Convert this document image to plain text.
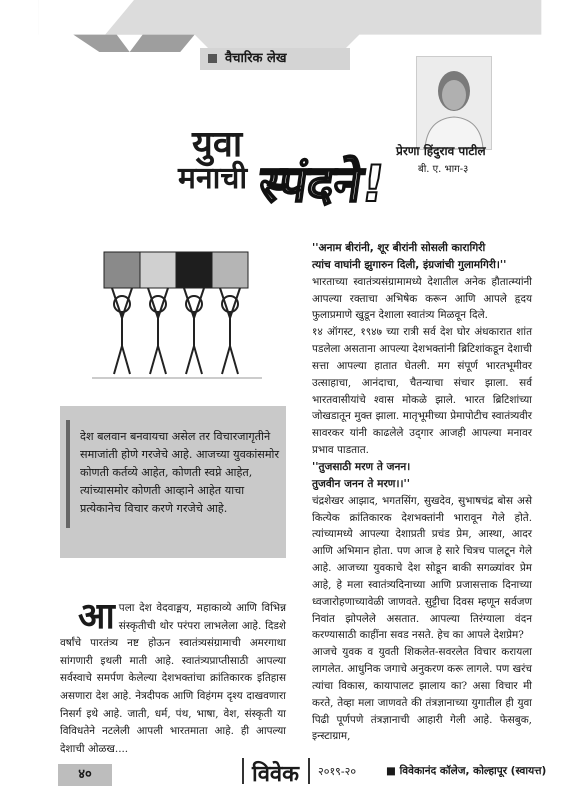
वैचारिक लेख
प्रेरणा हिंदुराव पाटील
बी. ए. भाग-३
युवा
मनाची स्पंदने!

देश बलवान बनवायचा असेल तर विचारजागृतीने समाजांती होणे गरजेचे आहे. आजच्या युवकांसमोर कोणती कर्तव्ये आहेत, कोणती स्वप्ने आहेत, त्यांच्यासमोर कोणती आव्हाने आहेत याचा प्रत्येकानेच विचार करणे गरजेचे आहे.

आपला देश वेदवाङ्मय, महाकाव्ये आणि विभिन्न संस्कृतीची थोर परंपरा लाभलेला आहे. दिडशे वर्षांचे पारतंत्र्य नष्ट होऊन स्वातंत्र्यसंग्रामाची अमरगाथा सांगणारी इथली माती आहे. स्वातंत्र्यप्राप्तीसाठी आपल्या सर्वस्वाचे समर्पण केलेल्या देशभक्तांचा क्रांतिकारक इतिहास असणारा देश आहे. नेत्रदीपक आणि विहंगम दृश्य दाखवणारा निसर्ग इथे आहे. जाती, धर्म, पंथ, भाषा, वेश, संस्कृती या विविधतेने नटलेली आपली भारतमाता आहे. ही आपल्या देशाची ओळख....

''अनाम बीरांनी, शूर बीरांनी सोसली कारागिरी

त्यांच वाघांनी झुगारुन दिली, इंग्रजांची गुलामगिरी।''

भारताच्या स्वातंत्र्यसंग्रामामध्ये देशातील अनेक हौतात्म्यांनी आपल्या रक्ताचा अभिषेक करून आणि आपले हृदय फुलाप्रमाणे खुडून देशाला स्वातंत्र्य मिळवून दिले.

१४ ऑगस्ट, १९४७ च्या रात्री सर्व देश घोर अंधकारात शांत पडलेला असताना आपल्या देशभक्तांनी ब्रिटिशांकडून देशाची सत्ता आपल्या हातात घेतली. मग संपूर्ण भारतभूमीवर उत्साहाचा, आनंदाचा, चैतन्याचा संचार झाला. सर्व भारतवासीयांचे श्वास मोकळे झाले. भारत ब्रिटिशांच्या जोखडातून मुक्त झाला. मातृभूमीच्या प्रेमापोटीच स्वातंत्र्यवीर सावरकर यांनी काढलेले उद्‌गार आजही आपल्या मनावर प्रभाव पाडतात.

''तुजसाठी मरण ते जनन।

तुजवीन जनन ते मरण।।''

चंद्रशेखर आझाद, भगतसिंग, सुखदेव, सुभाषचंद्र बोस असे कित्येक क्रांतिकारक देशभक्तांनी भारावून गेले होते. त्यांच्यामध्ये आपल्या देशाप्रती प्रचंड प्रेम, आस्था, आदर आणि अभिमान होता. पण आज हे सारे चित्रच पालटून गेले आहे. आजच्या युवकाचे देश सोडून बाकी सगळ्यांवर प्रेम आहे, हे मला स्वातंत्र्यदिनाच्या आणि प्रजासत्ताक दिनाच्या ध्वजारोहणाच्यावेळी जाणवते. सुट्टीचा दिवस म्हणून सर्वजण निवांत झोपलेले असतात. आपल्या तिरंग्याला वंदन करण्यासाठी काहींना सवड नसते. हेच का आपले देशप्रेम?

आजचे युवक व युवती शिकलेत-सवरलेत विचार करायला लागलेत. आधुनिक जगाचे अनुकरण करू लागले. पण खरंच त्यांचा विकास, कायापालट झालाय का? असा विचार मी करते, तेव्हा मला जाणवते की तंत्रज्ञानाच्या युगातील ही युवा पिढी पूर्णपणे तंत्रज्ञानाची आहारी गेली आहे. फेसबुक, इन्स्टाग्राम,

४०	विवेक २०१९-२०	■ विवेकानंद कॉलेज, कोल्हापूर (स्वायत्त)
